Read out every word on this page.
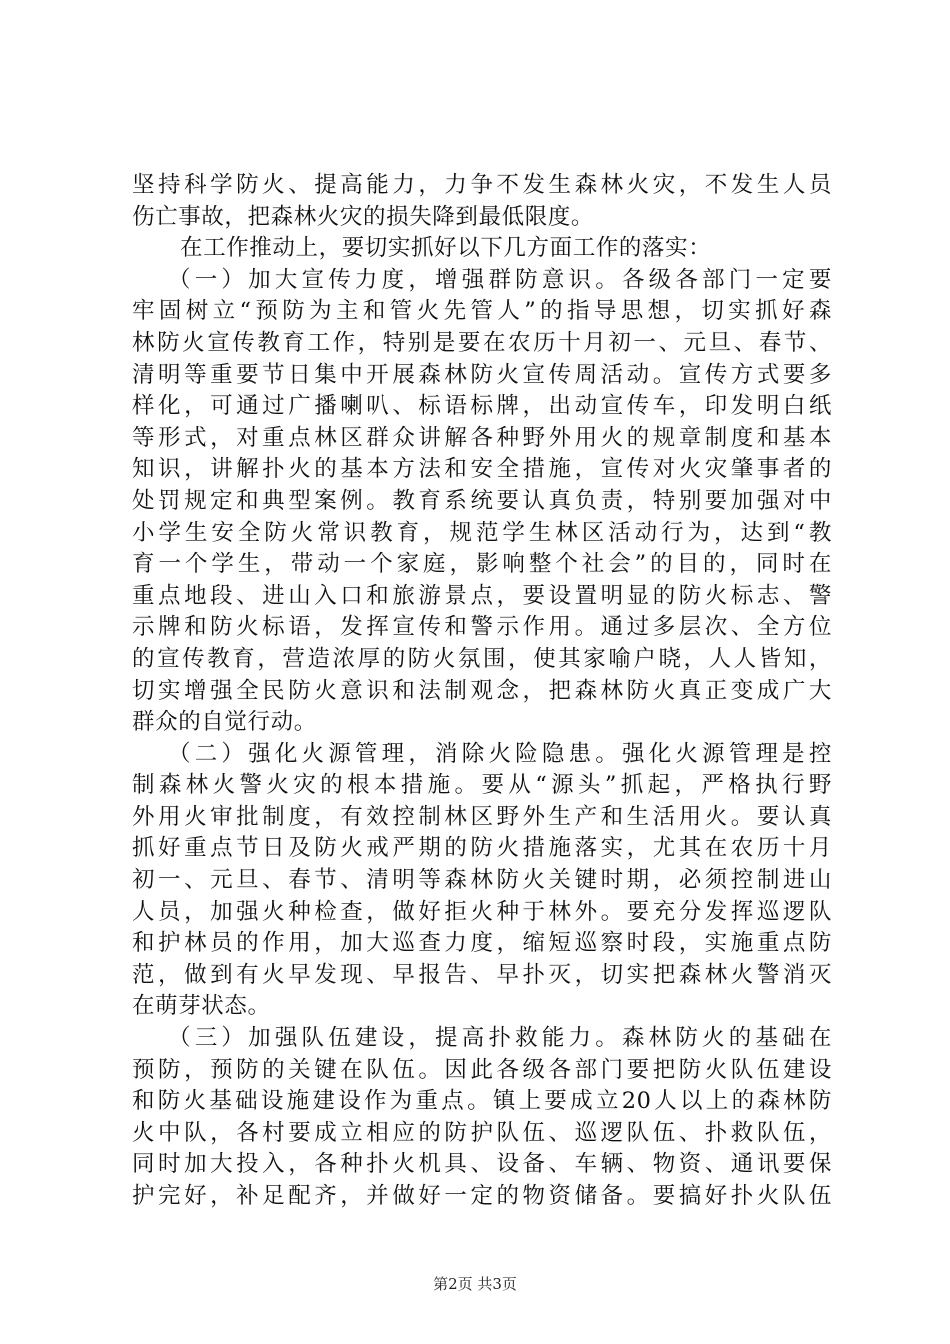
坚持科学防火、提高能力，力争不发生森林火灾，不发生人员
伤亡事故，把森林火灾的损失降到最低限度。
在工作推动上，要切实抓好以下几方面工作的落实：
（一）加大宣传力度，增强群防意识。各级各部门一定要
牢固树立“预防为主和管火先管人”的指导思想，切实抓好森
林防火宣传教育工作，特别是要在农历十月初一、元旦、春节、
清明等重要节日集中开展森林防火宣传周活动。宣传方式要多
样化，可通过广播喇叭、标语标牌，出动宣传车，印发明白纸
等形式，对重点林区群众讲解各种野外用火的规章制度和基本
知识，讲解扑火的基本方法和安全措施，宣传对火灾肇事者的
处罚规定和典型案例。教育系统要认真负责，特别要加强对中
小学生安全防火常识教育，规范学生林区活动行为，达到“教
育一个学生，带动一个家庭，影响整个社会”的目的，同时在
重点地段、进山入口和旅游景点，要设置明显的防火标志、警
示牌和防火标语，发挥宣传和警示作用。通过多层次、全方位
的宣传教育，营造浓厚的防火氛围，使其家喻户晓，人人皆知，
切实增强全民防火意识和法制观念，把森林防火真正变成广大
群众的自觉行动。
（二）强化火源管理，消除火险隐患。强化火源管理是控
制森林火警火灾的根本措施。要从“源头”抓起，严格执行野
外用火审批制度，有效控制林区野外生产和生活用火。要认真
抓好重点节日及防火戒严期的防火措施落实，尤其在农历十月
初一、元旦、春节、清明等森林防火关键时期，必须控制进山
人员，加强火种检查，做好拒火种于林外。要充分发挥巡逻队
和护林员的作用，加大巡查力度，缩短巡察时段，实施重点防
范，做到有火早发现、早报告、早扑灭，切实把森林火警消灭
在萌芽状态。
（三）加强队伍建设，提高扑救能力。森林防火的基础在
预防，预防的关键在队伍。因此各级各部门要把防火队伍建设
和防火基础设施建设作为重点。镇上要成立20人以上的森林防
火中队，各村要成立相应的防护队伍、巡逻队伍、扑救队伍，
同时加大投入，各种扑火机具、设备、车辆、物资、通讯要保
护完好，补足配齐，并做好一定的物资储备。要搞好扑火队伍
第2页 共3页
